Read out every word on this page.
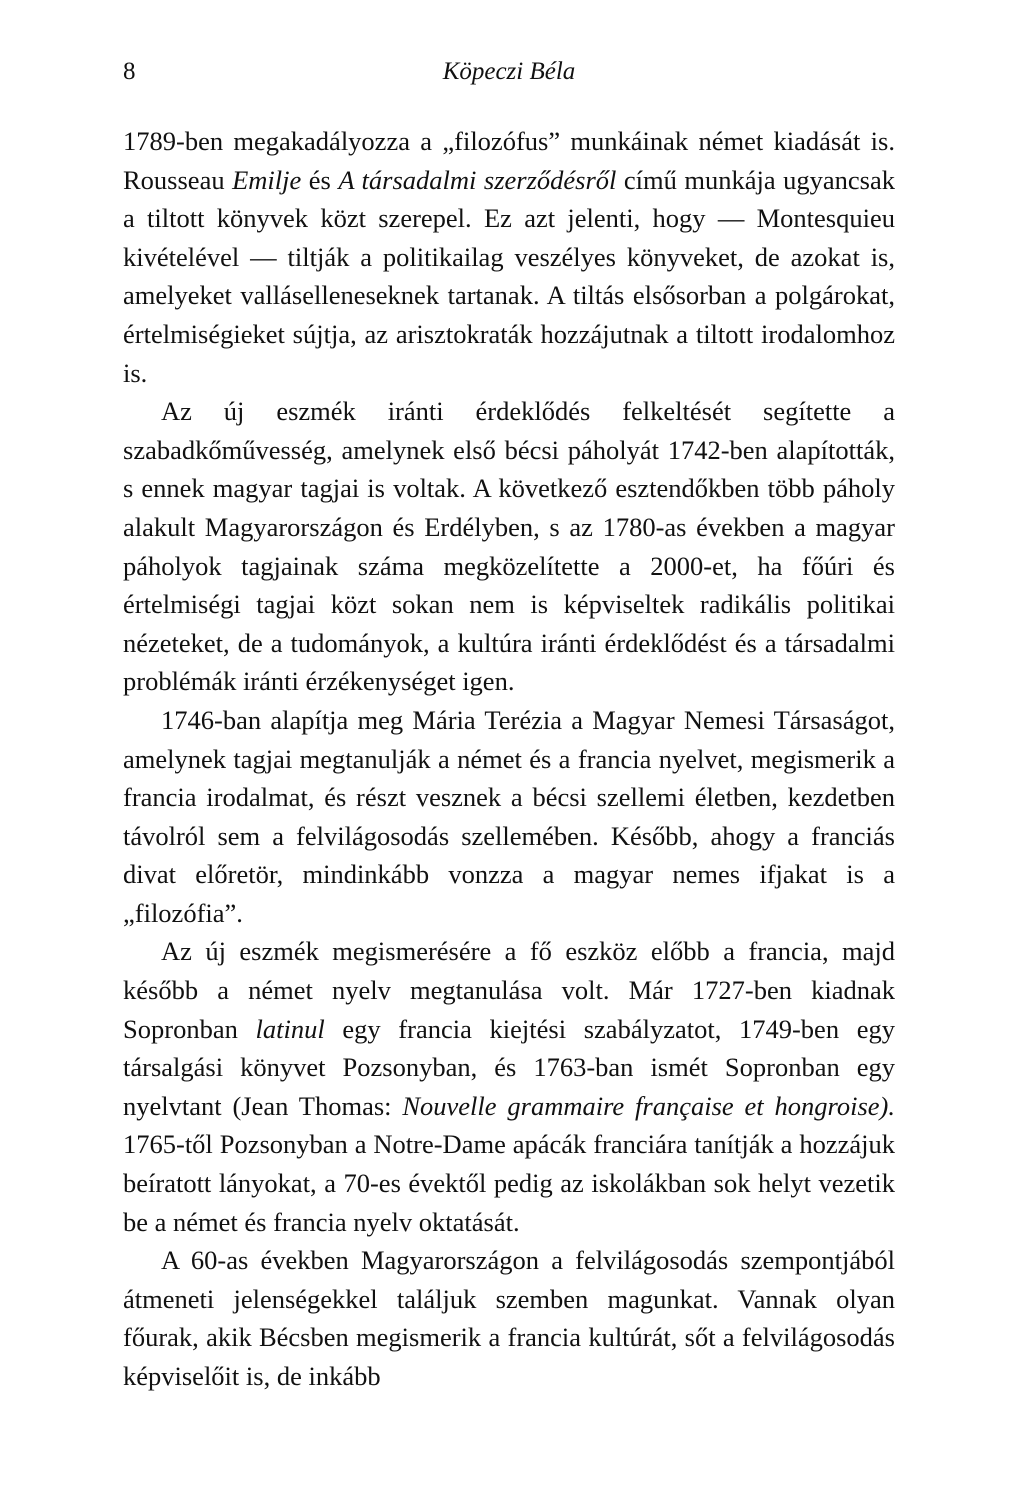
8	Köpeczi Béla

1789-ben megakadályozza a „filozófus” munkáinak német kiadását is. Rousseau Emilje és A társadalmi szerződésről című munkája ugyancsak a tiltott könyvek közt szerepel. Ez azt jelenti, hogy — Montesquieu kivételével — tiltják a politikailag veszélyes könyveket, de azokat is, amelyeket valláselleneseknek tartanak. A tiltás elsősorban a polgárokat, értelmiségieket sújtja, az arisztokraták hozzájutnak a tiltott irodalomhoz is.

Az új eszmék iránti érdeklődés felkeltését segítette a szabadkőművesség, amelynek első bécsi páholyát 1742-ben alapították, s ennek magyar tagjai is voltak. A következő esztendőkben több páholy alakult Magyarországon és Erdélyben, s az 1780-as években a magyar páholyok tagjainak száma megközelítette a 2000-et, ha főúri és értelmiségi tagjai közt sokan nem is képviseltek radikális politikai nézeteket, de a tudományok, a kultúra iránti érdeklődést és a társadalmi problémák iránti érzékenységet igen.

1746-ban alapítja meg Mária Terézia a Magyar Nemesi Társaságot, amelynek tagjai megtanulják a német és a francia nyelvet, megismerik a francia irodalmat, és részt vesznek a bécsi szellemi életben, kezdetben távolról sem a felvilágosodás szellemében. Később, ahogy a franciás divat előretör, mindinkább vonzza a magyar nemes ifjakat is a „filozófia”.

Az új eszmék megismerésére a fő eszköz előbb a francia, majd később a német nyelv megtanulása volt. Már 1727-ben kiadnak Sopronban latinul egy francia kiejtési szabályzatot, 1749-ben egy társalgási könyvet Pozsonyban, és 1763-ban ismét Sopronban egy nyelvtant (Jean Thomas: Nouvelle grammaire française et hongroise). 1765-től Pozsonyban a Notre-Dame apácák franciára tanítják a hozzájuk beíratott lányokat, a 70-es évektől pedig az iskolákban sok helyt vezetik be a német és francia nyelv oktatását.

A 60-as években Magyarországon a felvilágosodás szempontjából átmeneti jelenségekkel találjuk szemben magunkat. Vannak olyan főurak, akik Bécsben megismerik a francia kultúrát, sőt a felvilágosodás képviselőit is, de inkább
